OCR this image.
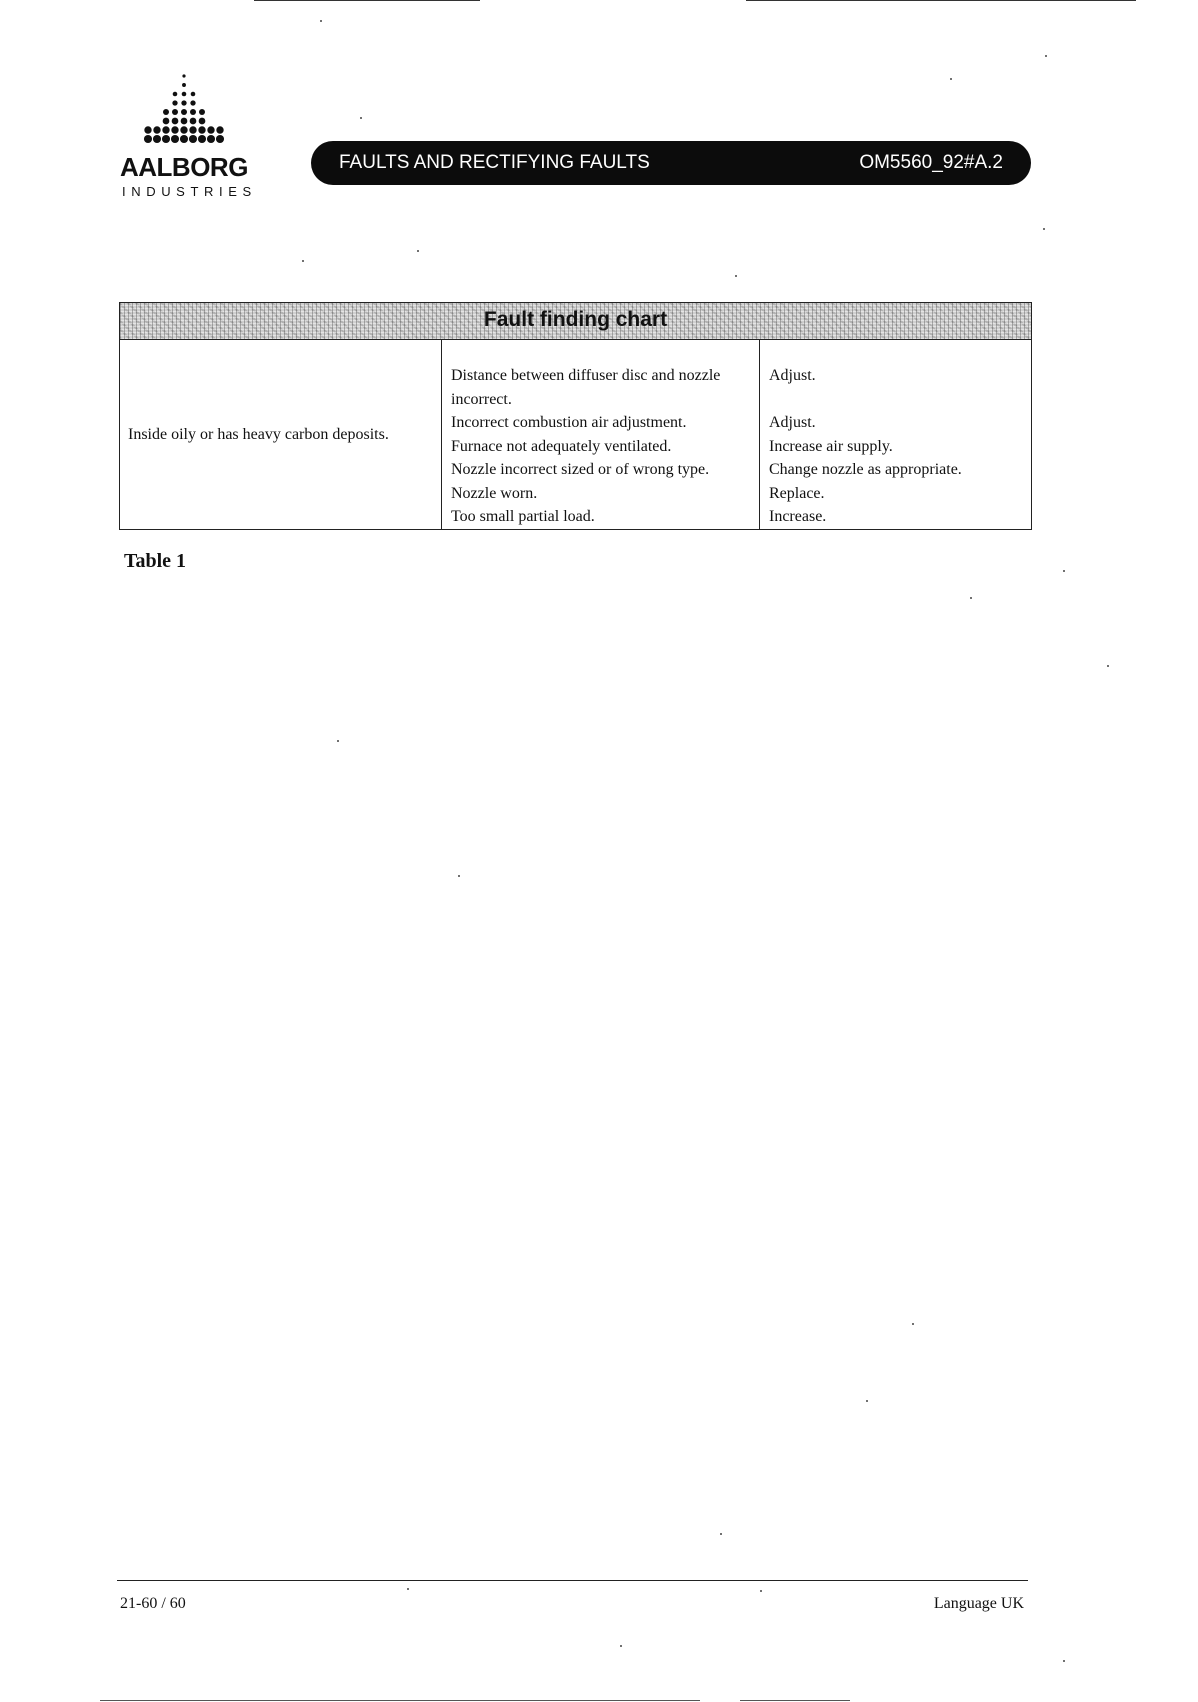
AALBORG
INDUSTRIES
FAULTS AND RECTIFYING FAULTS	OM5560_92#A.2
Fault finding chart
Inside oily or has heavy carbon deposits.
Distance between diffuser disc and nozzle incorrect.
Incorrect combustion air adjustment.
Furnace not adequately ventilated.
Nozzle incorrect sized or of wrong type.
Nozzle worn.
Too small partial load.
Adjust.
Adjust.
Increase air supply.
Change nozzle as appropriate.
Replace.
Increase.
Table 1
21-60 / 60	Language UK
